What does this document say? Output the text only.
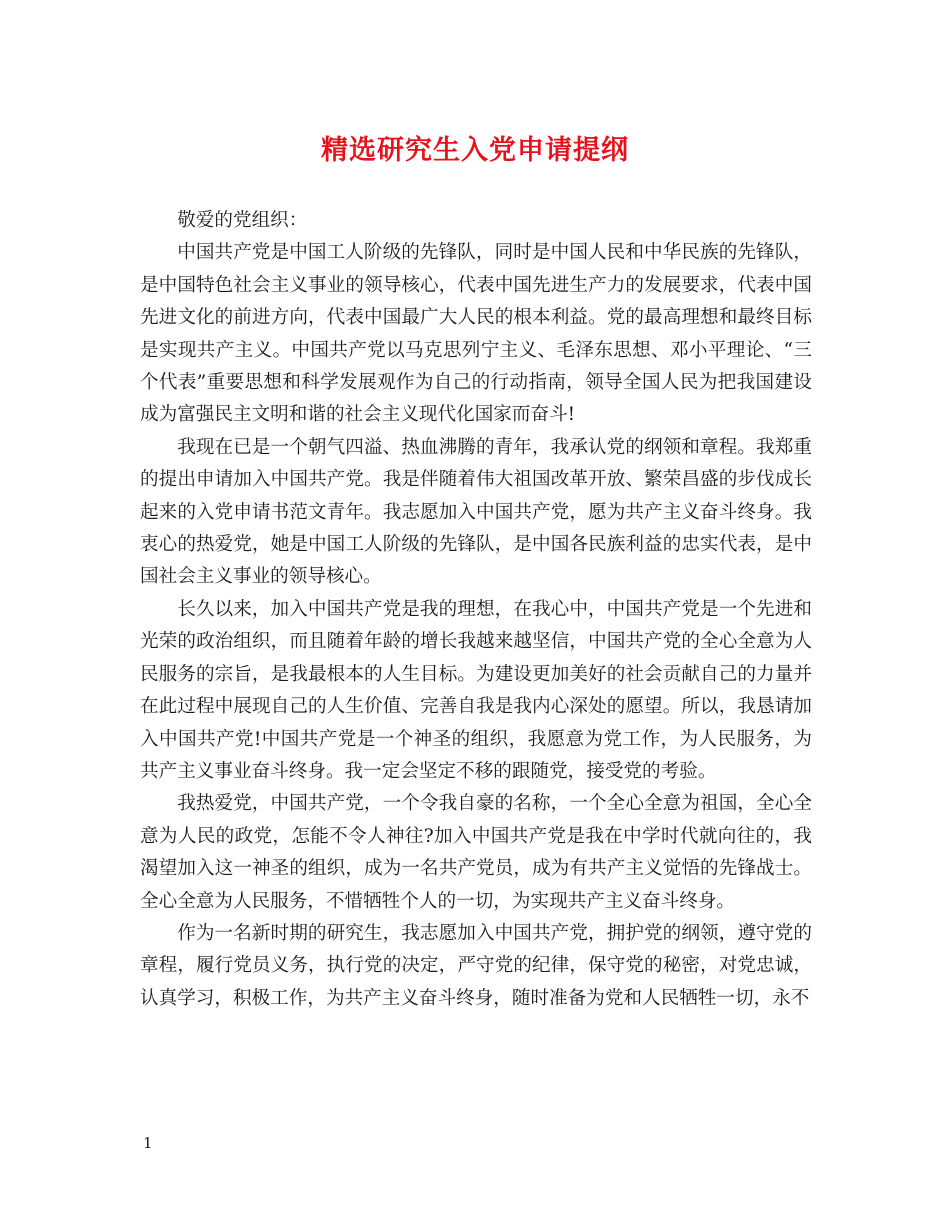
精选研究生入党申请提纲

敬爱的党组织：

中国共产党是中国工人阶级的先锋队，同时是中国人民和中华民族的先锋队，是中国特色社会主义事业的领导核心，代表中国先进生产力的发展要求，代表中国先进文化的前进方向，代表中国最广大人民的根本利益。党的最高理想和最终目标是实现共产主义。中国共产党以马克思列宁主义、毛泽东思想、邓小平理论、“三个代表”重要思想和科学发展观作为自己的行动指南，领导全国人民为把我国建设成为富强民主文明和谐的社会主义现代化国家而奋斗!

我现在已是一个朝气四溢、热血沸腾的青年，我承认党的纲领和章程。我郑重的提出申请加入中国共产党。我是伴随着伟大祖国改革开放、繁荣昌盛的步伐成长起来的入党申请书范文青年。我志愿加入中国共产党，愿为共产主义奋斗终身。我衷心的热爱党，她是中国工人阶级的先锋队，是中国各民族利益的忠实代表，是中国社会主义事业的领导核心。

长久以来，加入中国共产党是我的理想，在我心中，中国共产党是一个先进和光荣的政治组织，而且随着年龄的增长我越来越坚信，中国共产党的全心全意为人民服务的宗旨，是我最根本的人生目标。为建设更加美好的社会贡献自己的力量并在此过程中展现自己的人生价值、完善自我是我内心深处的愿望。所以，我恳请加入中国共产党!中国共产党是一个神圣的组织，我愿意为党工作，为人民服务，为共产主义事业奋斗终身。我一定会坚定不移的跟随党，接受党的考验。

我热爱党，中国共产党，一个令我自豪的名称，一个全心全意为祖国，全心全意为人民的政党，怎能不令人神往?加入中国共产党是我在中学时代就向往的，我渴望加入这一神圣的组织，成为一名共产党员，成为有共产主义觉悟的先锋战士。全心全意为人民服务，不惜牺牲个人的一切，为实现共产主义奋斗终身。

作为一名新时期的研究生，我志愿加入中国共产党，拥护党的纲领，遵守党的章程，履行党员义务，执行党的决定，严守党的纪律，保守党的秘密，对党忠诚，认真学习，积极工作，为共产主义奋斗终身，随时准备为党和人民牺牲一切，永不

1
